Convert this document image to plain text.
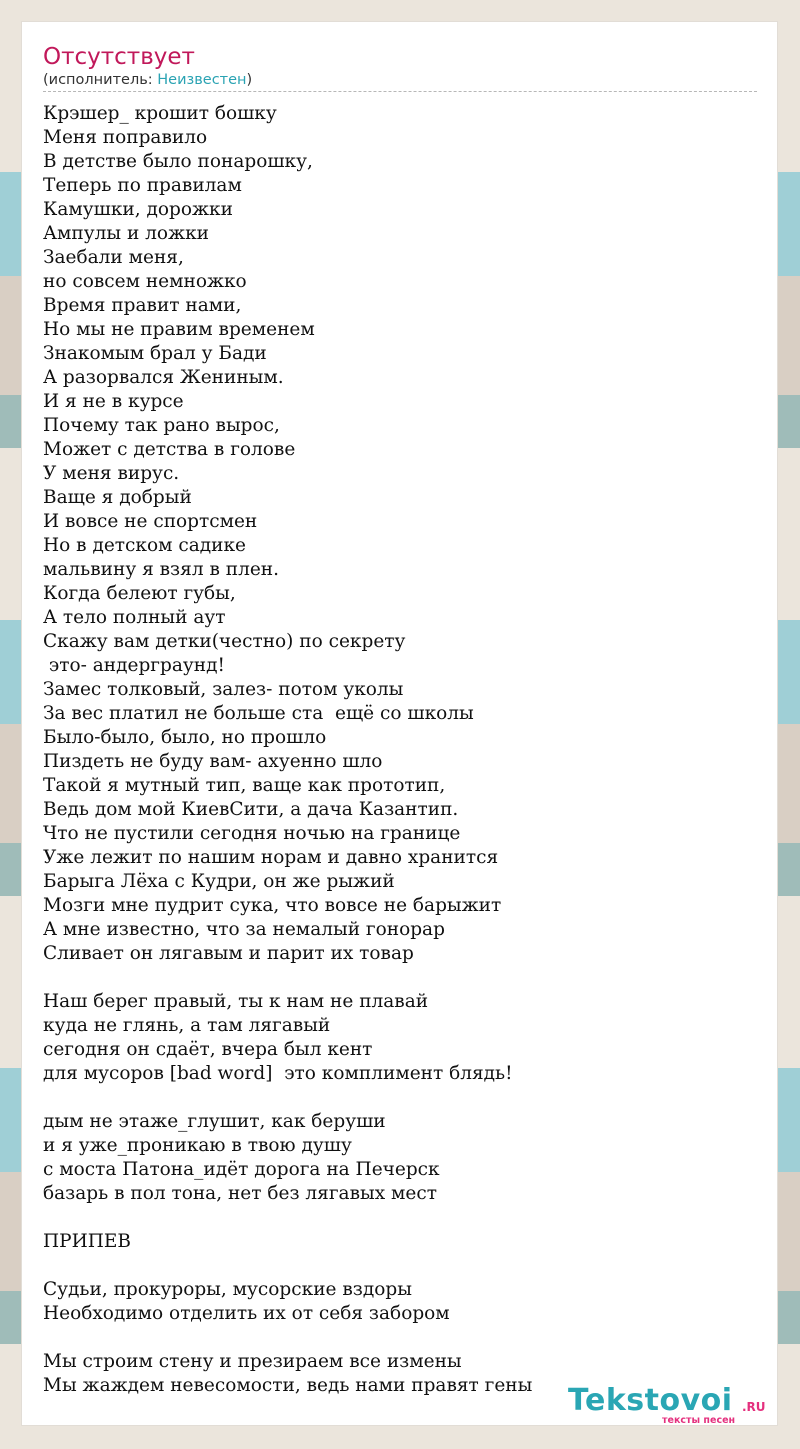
Отсутствует
(исполнитель: Неизвестен)
Крэшер_ крошит бошку
Меня поправило
В детстве было понарошку,
Теперь по правилам
Камушки, дорожки
Ампулы и ложки
Заебали меня,
но совсем немножко
Время правит нами,
Но мы не правим временем
Знакомым брал у Бади
А разорвался Жениным.
И я не в курсе
Почему так рано вырос,
Может с детства в голове
У меня вирус.
Ваще я добрый
И вовсе не спортсмен
Но в детском садике
мальвину я взял в плен.
Когда белеют губы,
А тело полный аут
Скажу вам детки(честно) по секрету
это- андерграунд!
Замес толковый, залез- потом уколы
За вес платил не больше ста  ещё со школы
Было-было, было, но прошло
Пиздеть не буду вам- ахуенно шло
Такой я мутный тип, ваще как прототип,
Ведь дом мой КиевСити, а дача Казантип.
Что не пустили сегодня ночью на границе
Уже лежит по нашим норам и давно хранится
Барыга Лёха с Кудри, он же рыжий
Мозги мне пудрит сука, что вовсе не барыжит
А мне известно, что за немалый гонорар
Сливает он лягавым и парит их товар
Наш берег правый, ты к нам не плавай
куда не глянь, а там лягавый
сегодня он сдаёт, вчера был кент
для мусоров [bad word]  это комплимент блядь!
дым не этаже_глушит, как беруши
и я уже_проникаю в твою душу
с моста Патона_идёт дорога на Печерск
базарь в пол тона, нет без лягавых мест
ПРИПЕВ
Судьи, прокуроры, мусорские вздоры
Необходимо отделить их от себя забором
Мы строим стену и презираем все измены
Мы жаждем невесомости, ведь нами правят гены	Tekstovoi .RU
тексты песен
